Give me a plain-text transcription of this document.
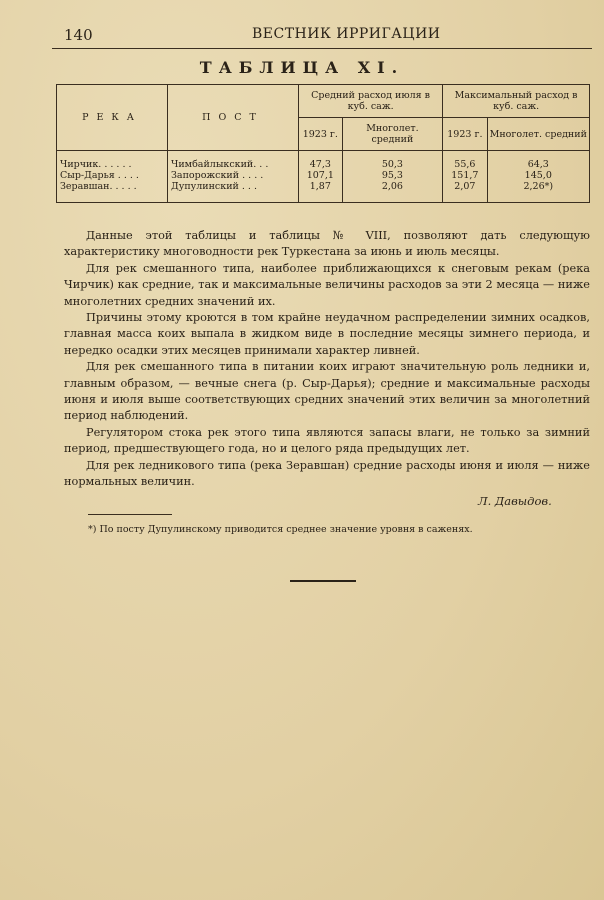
140	ВЕСТНИК ИРРИГАЦИИ
ТАБЛИЦА XI.
РЕКА	ПОСТ	Средний расход июля в куб. саж.		Максимальный расход в куб. саж.	
		1923 г.	Многолет. средний	1923 г.	Многолет. средний
Чирчик. . . . . .	Чимбайлыкский. . .	47,3	50,3	55,6	64,3
Сыр-Дарья . . . .	Запорожский . . . .	107,1	95,3	151,7	145,0
Зеравшан. . . . .	Дупулинский . . .	1,87	2,06	2,07	2,26*)

Данные этой таблицы и таблицы № VIII, позволяют дать следующую характеристику многоводности рек Туркестана за июнь и июль месяцы.

Для рек смешанного типа, наиболее приближающихся к снеговым рекам (река Чирчик) как средние, так и максимальные величины расходов за эти 2 месяца — ниже многолетних средних значений их.

Причины этому кроются в том крайне неудачном распределении зимних осадков, главная масса коих выпала в жидком виде в последние месяцы зимнего периода, и нередко осадки этих месяцев принимали характер ливней.

Для рек смешанного типа в питании коих играют значительную роль ледники и, главным образом, — вечные снега (р. Сыр-Дарья); средние и максимальные расходы июня и июля выше соответствующих средних значений этих величин за многолетний период наблюдений.

Регулятором стока рек этого типа являются запасы влаги, не только за зимний период, предшествующего года, но и целого ряда предыдущих лет.

Для рек ледникового типа (река Зеравшан) средние расходы июня и июля — ниже нормальных величин.

Л. Давыдов.
*) По посту Дупулинскому приводится среднее значение уровня в саженях.
